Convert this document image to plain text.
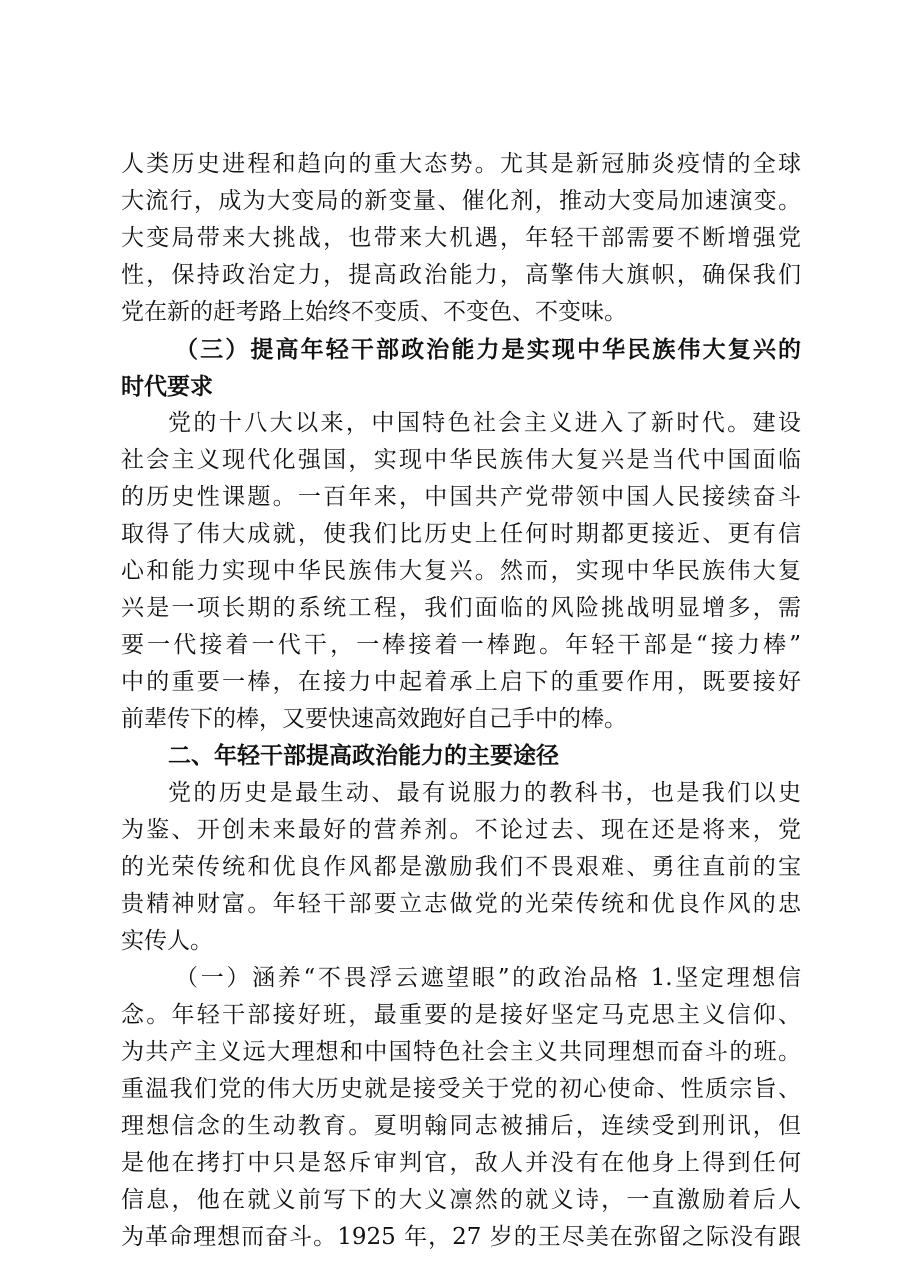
人类历史进程和趋向的重大态势。尤其是新冠肺炎疫情的全球
大流行，成为大变局的新变量、催化剂，推动大变局加速演变。
大变局带来大挑战，也带来大机遇，年轻干部需要不断增强党
性，保持政治定力，提高政治能力，高擎伟大旗帜，确保我们
党在新的赶考路上始终不变质、不变色、不变味。
（三）提高年轻干部政治能力是实现中华民族伟大复兴的
时代要求
党的十八大以来，中国特色社会主义进入了新时代。建设
社会主义现代化强国，实现中华民族伟大复兴是当代中国面临
的历史性课题。一百年来，中国共产党带领中国人民接续奋斗
取得了伟大成就，使我们比历史上任何时期都更接近、更有信
心和能力实现中华民族伟大复兴。然而，实现中华民族伟大复
兴是一项长期的系统工程，我们面临的风险挑战明显增多，需
要一代接着一代干，一棒接着一棒跑。年轻干部是“接力棒”
中的重要一棒，在接力中起着承上启下的重要作用，既要接好
前辈传下的棒，又要快速高效跑好自己手中的棒。
二、年轻干部提高政治能力的主要途径
党的历史是最生动、最有说服力的教科书，也是我们以史
为鉴、开创未来最好的营养剂。不论过去、现在还是将来，党
的光荣传统和优良作风都是激励我们不畏艰难、勇往直前的宝
贵精神财富。年轻干部要立志做党的光荣传统和优良作风的忠
实传人。
（一）涵养“不畏浮云遮望眼”的政治品格 1.坚定理想信
念。年轻干部接好班，最重要的是接好坚定马克思主义信仰、
为共产主义远大理想和中国特色社会主义共同理想而奋斗的班。
重温我们党的伟大历史就是接受关于党的初心使命、性质宗旨、
理想信念的生动教育。夏明翰同志被捕后，连续受到刑讯，但
是他在拷打中只是怒斥审判官，敌人并没有在他身上得到任何
信息，他在就义前写下的大义凛然的就义诗，一直激励着后人
为革命理想而奋斗。1925 年，27 岁的王尽美在弥留之际没有跟
